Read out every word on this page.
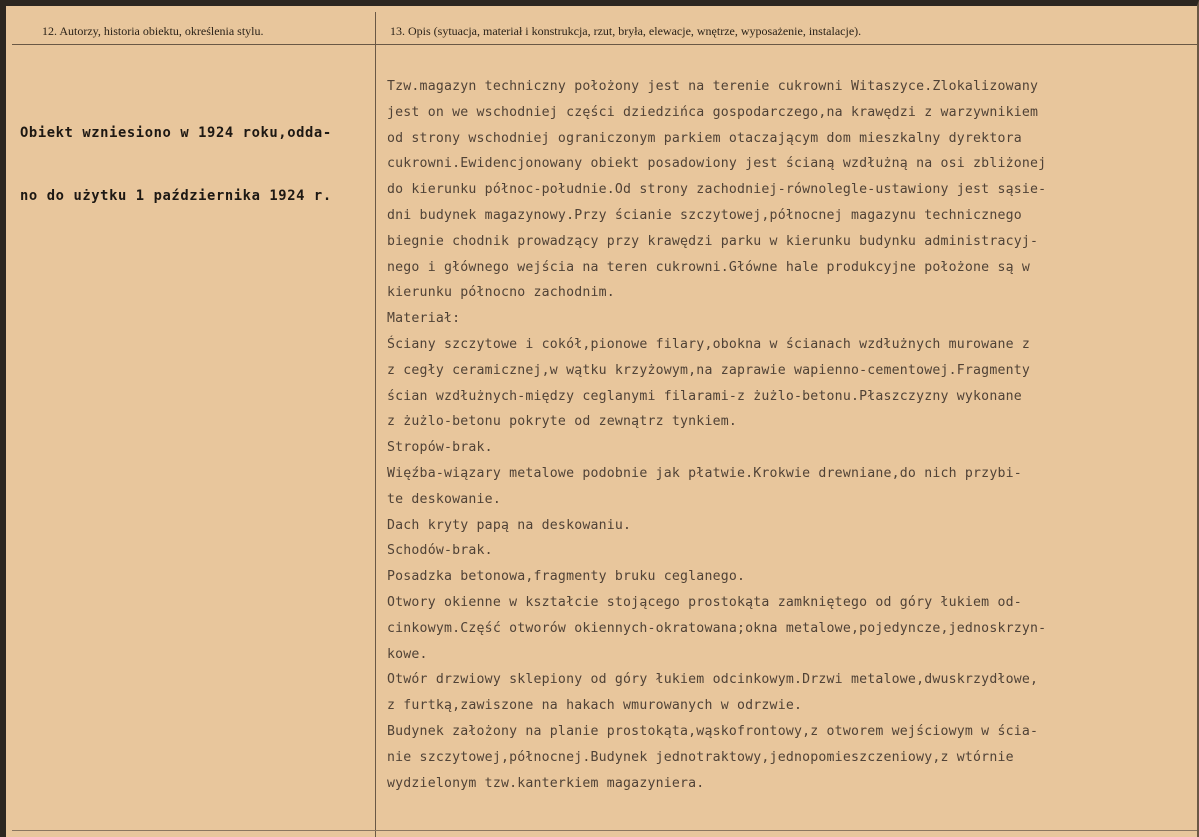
12. Autorzy, historia obiektu, określenia stylu.	13. Opis (sytuacja, materiał i konstrukcja, rzut, bryła, elewacje, wnętrze, wyposażenie, instalacje).

Obiekt wzniesiono w 1924 roku,odda-

no do użytku 1 października 1924 r.

Tzw.magazyn techniczny położony jest na terenie cukrowni Witaszyce.Zlokalizowany
jest on we wschodniej części dziedzińca gospodarczego,na krawędzi z warzywnikiem
od strony wschodniej ograniczonym parkiem otaczającym dom mieszkalny dyrektora
cukrowni.Ewidencjonowany obiekt posadowiony jest ścianą wzdłużną na osi zbliżonej
do kierunku północ-południe.Od strony zachodniej-równolegle-ustawiony jest sąsie-
dni budynek magazynowy.Przy ścianie szczytowej,północnej magazynu technicznego
biegnie chodnik prowadzący przy krawędzi parku w kierunku budynku administracyj-
nego i głównego wejścia na teren cukrowni.Główne hale produkcyjne położone są w
kierunku północno zachodnim.
Materiał:
Ściany szczytowe i cokół,pionowe filary,obokna w ścianach wzdłużnych murowane z
z cegły ceramicznej,w wątku krzyżowym,na zaprawie wapienno-cementowej.Fragmenty
ścian wzdłużnych-między ceglanymi filarami-z żużlo-betonu.Płaszczyzny wykonane
z żużlo-betonu pokryte od zewnątrz tynkiem.
Stropów-brak.
Więźba-wiązary metalowe podobnie jak płatwie.Krokwie drewniane,do nich przybi-
te deskowanie.
Dach kryty papą na deskowaniu.
Schodów-brak.
Posadzka betonowa,fragmenty bruku ceglanego.
Otwory okienne w kształcie stojącego prostokąta zamkniętego od góry łukiem od-
cinkowym.Część otworów okiennych-okratowana;okna metalowe,pojedyncze,jednoskrzyn-
kowe.
Otwór drzwiowy sklepiony od góry łukiem odcinkowym.Drzwi metalowe,dwuskrzydłowe,
z furtką,zawiszone na hakach wmurowanych w odrzwie.
Budynek założony na planie prostokąta,wąskofrontowy,z otworem wejściowym w ścia-
nie szczytowej,północnej.Budynek jednotraktowy,jednopomieszczeniowy,z wtórnie
wydzielonym tzw.kanterkiem magazyniera.
